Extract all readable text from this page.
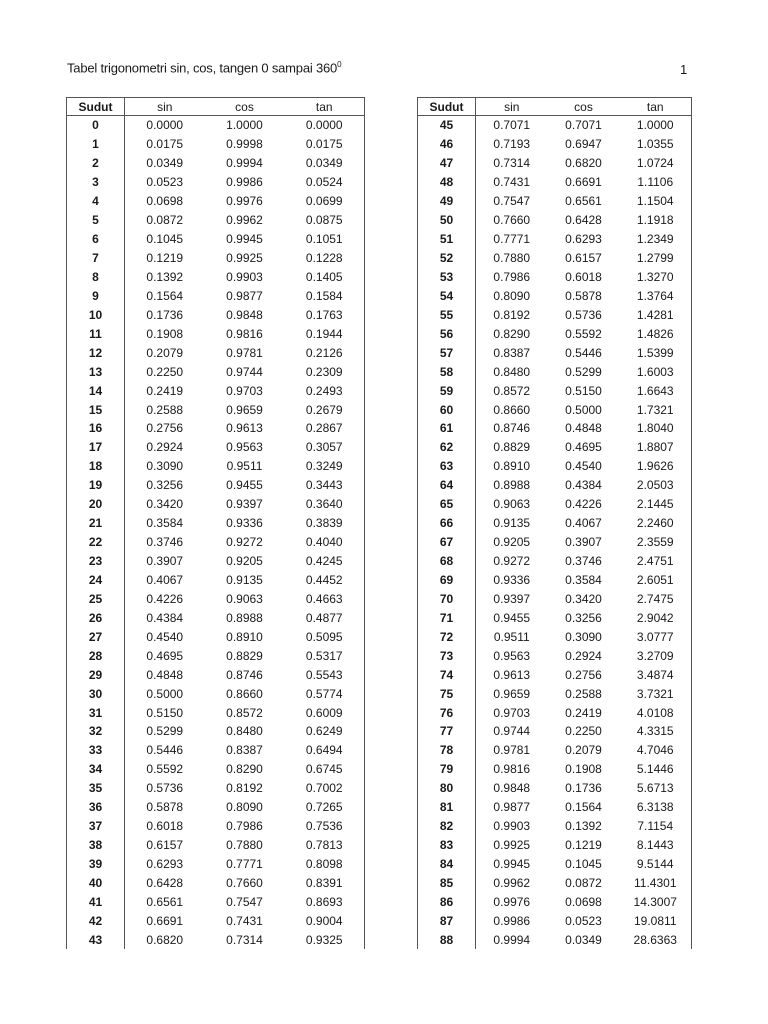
Tabel trigonometri sin, cos, tangen 0 sampai $360^0$	1
Sudut	sin	cos	tan
0	0.0000	1.0000	0.0000
1	0.0175	0.9998	0.0175
2	0.0349	0.9994	0.0349
3	0.0523	0.9986	0.0524
4	0.0698	0.9976	0.0699
5	0.0872	0.9962	0.0875
6	0.1045	0.9945	0.1051
7	0.1219	0.9925	0.1228
8	0.1392	0.9903	0.1405
9	0.1564	0.9877	0.1584
10	0.1736	0.9848	0.1763
11	0.1908	0.9816	0.1944
12	0.2079	0.9781	0.2126
13	0.2250	0.9744	0.2309
14	0.2419	0.9703	0.2493
15	0.2588	0.9659	0.2679
16	0.2756	0.9613	0.2867
17	0.2924	0.9563	0.3057
18	0.3090	0.9511	0.3249
19	0.3256	0.9455	0.3443
20	0.3420	0.9397	0.3640
21	0.3584	0.9336	0.3839
22	0.3746	0.9272	0.4040
23	0.3907	0.9205	0.4245
24	0.4067	0.9135	0.4452
25	0.4226	0.9063	0.4663
26	0.4384	0.8988	0.4877
27	0.4540	0.8910	0.5095
28	0.4695	0.8829	0.5317
29	0.4848	0.8746	0.5543
30	0.5000	0.8660	0.5774
31	0.5150	0.8572	0.6009
32	0.5299	0.8480	0.6249
33	0.5446	0.8387	0.6494
34	0.5592	0.8290	0.6745
35	0.5736	0.8192	0.7002
36	0.5878	0.8090	0.7265
37	0.6018	0.7986	0.7536
38	0.6157	0.7880	0.7813
39	0.6293	0.7771	0.8098
40	0.6428	0.7660	0.8391
41	0.6561	0.7547	0.8693
42	0.6691	0.7431	0.9004
43	0.6820	0.7314	0.9325
Sudut	sin	cos	tan
45	0.7071	0.7071	1.0000
46	0.7193	0.6947	1.0355
47	0.7314	0.6820	1.0724
48	0.7431	0.6691	1.1106
49	0.7547	0.6561	1.1504
50	0.7660	0.6428	1.1918
51	0.7771	0.6293	1.2349
52	0.7880	0.6157	1.2799
53	0.7986	0.6018	1.3270
54	0.8090	0.5878	1.3764
55	0.8192	0.5736	1.4281
56	0.8290	0.5592	1.4826
57	0.8387	0.5446	1.5399
58	0.8480	0.5299	1.6003
59	0.8572	0.5150	1.6643
60	0.8660	0.5000	1.7321
61	0.8746	0.4848	1.8040
62	0.8829	0.4695	1.8807
63	0.8910	0.4540	1.9626
64	0.8988	0.4384	2.0503
65	0.9063	0.4226	2.1445
66	0.9135	0.4067	2.2460
67	0.9205	0.3907	2.3559
68	0.9272	0.3746	2.4751
69	0.9336	0.3584	2.6051
70	0.9397	0.3420	2.7475
71	0.9455	0.3256	2.9042
72	0.9511	0.3090	3.0777
73	0.9563	0.2924	3.2709
74	0.9613	0.2756	3.4874
75	0.9659	0.2588	3.7321
76	0.9703	0.2419	4.0108
77	0.9744	0.2250	4.3315
78	0.9781	0.2079	4.7046
79	0.9816	0.1908	5.1446
80	0.9848	0.1736	5.6713
81	0.9877	0.1564	6.3138
82	0.9903	0.1392	7.1154
83	0.9925	0.1219	8.1443
84	0.9945	0.1045	9.5144
85	0.9962	0.0872	11.4301
86	0.9976	0.0698	14.3007
87	0.9986	0.0523	19.0811
88	0.9994	0.0349	28.6363
